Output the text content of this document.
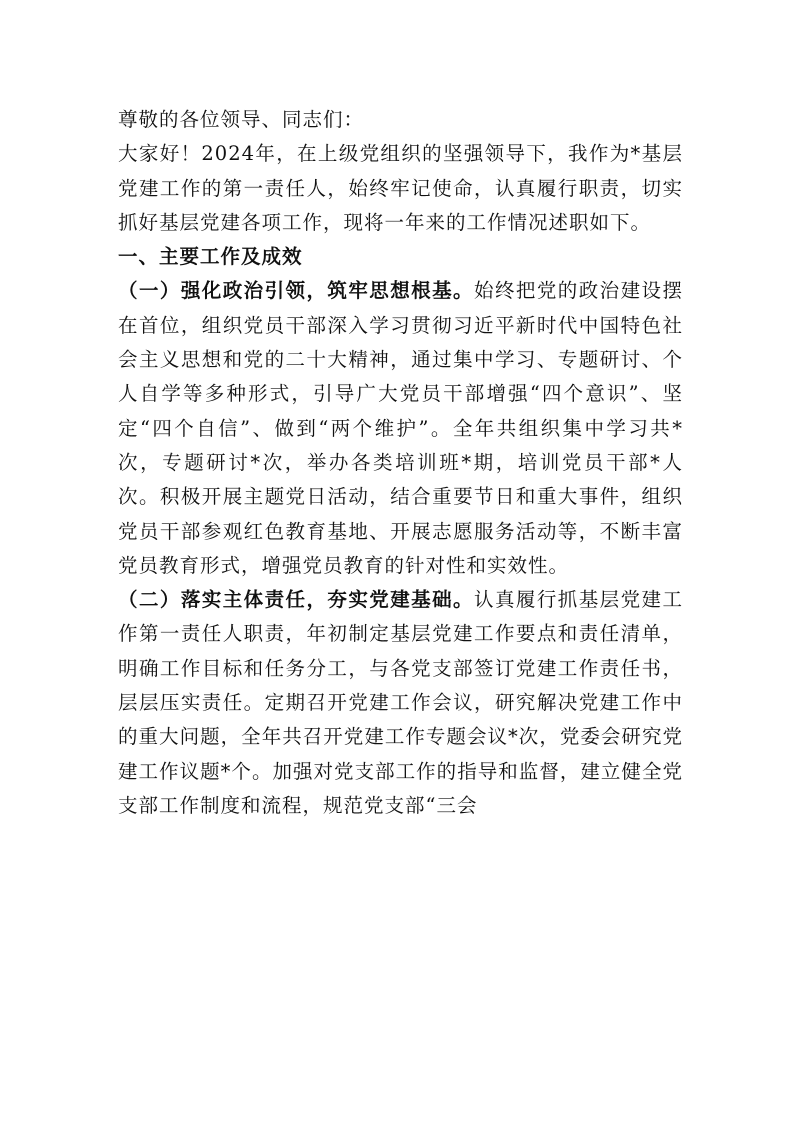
尊敬的各位领导、同志们：

大家好！2024年，在上级党组织的坚强领导下，我作为*基层党建工作的第一责任人，始终牢记使命，认真履行职责，切实抓好基层党建各项工作，现将一年来的工作情况述职如下。

一、主要工作及成效

（一）强化政治引领，筑牢思想根基。始终把党的政治建设摆在首位，组织党员干部深入学习贯彻习近平新时代中国特色社会主义思想和党的二十大精神，通过集中学习、专题研讨、个人自学等多种形式，引导广大党员干部增强“四个意识”、坚定“四个自信”、做到“两个维护”。全年共组织集中学习共*次，专题研讨*次，举办各类培训班*期，培训党员干部*人次。积极开展主题党日活动，结合重要节日和重大事件，组织党员干部参观红色教育基地、开展志愿服务活动等，不断丰富党员教育形式，增强党员教育的针对性和实效性。

（二）落实主体责任，夯实党建基础。认真履行抓基层党建工作第一责任人职责，年初制定基层党建工作要点和责任清单，明确工作目标和任务分工，与各党支部签订党建工作责任书，层层压实责任。定期召开党建工作会议，研究解决党建工作中的重大问题，全年共召开党建工作专题会议*次，党委会研究党建工作议题*个。加强对党支部工作的指导和监督，建立健全党支部工作制度和流程，规范党支部“三会
